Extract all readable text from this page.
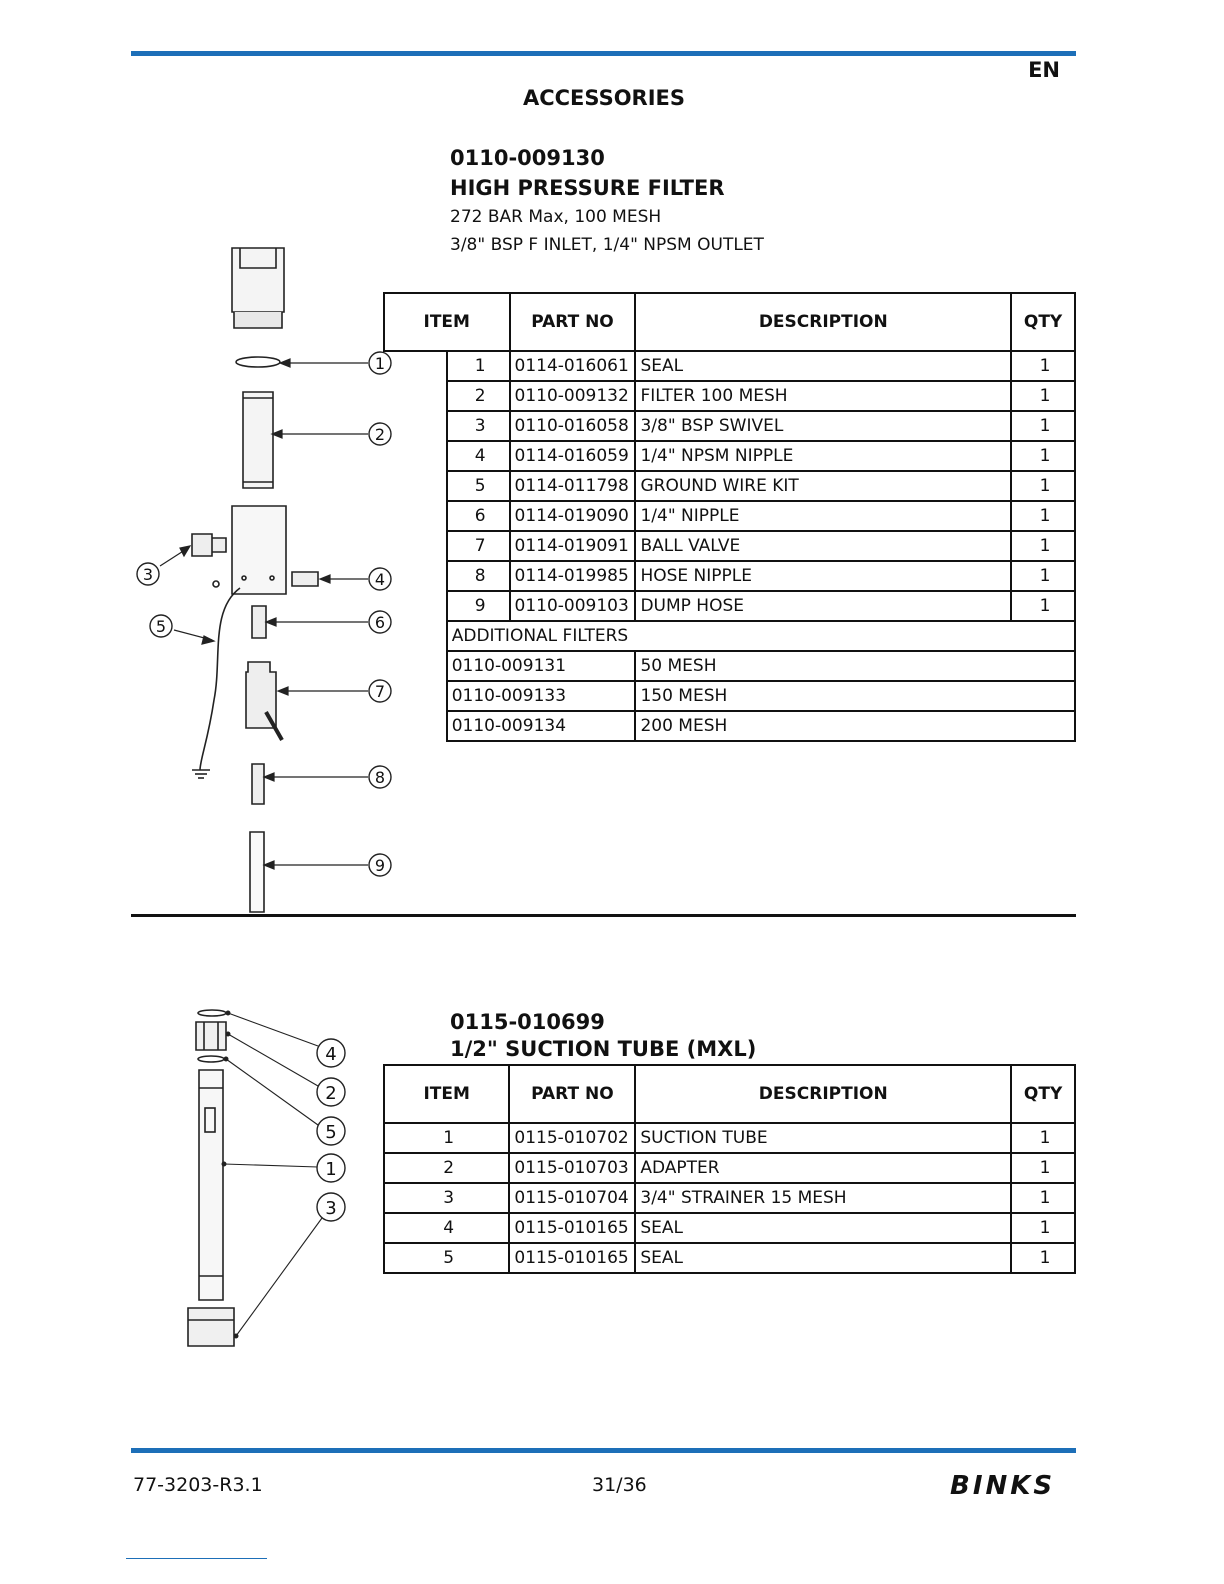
EN
ACCESSORIES
0110-009130
HIGH PRESSURE FILTER
272 BAR Max, 100 MESH
3/8" BSP F INLET, 1/4" NPSM OUTLET
ITEM		PART NO	DESCRIPTION	QTY
	1	0114-016061	SEAL	1
	2	0110-009132	FILTER 100 MESH	1
	3	0110-016058	3/8" BSP SWIVEL	1
	4	0114-016059	1/4" NPSM NIPPLE	1
	5	0114-011798	GROUND WIRE KIT	1
	6	0114-019090	1/4" NIPPLE	1
	7	0114-019091	BALL VALVE	1
	8	0114-019985	HOSE NIPPLE	1
	9	0110-009103	DUMP HOSE	1
	ADDITIONAL FILTERS			
	0110-009131		50 MESH	
	0110-009133		150 MESH	
	0110-009134		200 MESH	
1
2
3	4
5	6
7
8
9
0115-010699
1/2" SUCTION TUBE (MXL)
ITEM	PART NO	DESCRIPTION	QTY
1	0115-010702	SUCTION TUBE	1
2	0115-010703	ADAPTER	1
3	0115-010704	3/4" STRAINER 15 MESH	1
4	0115-010165	SEAL	1
5	0115-010165	SEAL	1
4
2
5
1
3
77-3203-R3.1	31/36	BINKS
